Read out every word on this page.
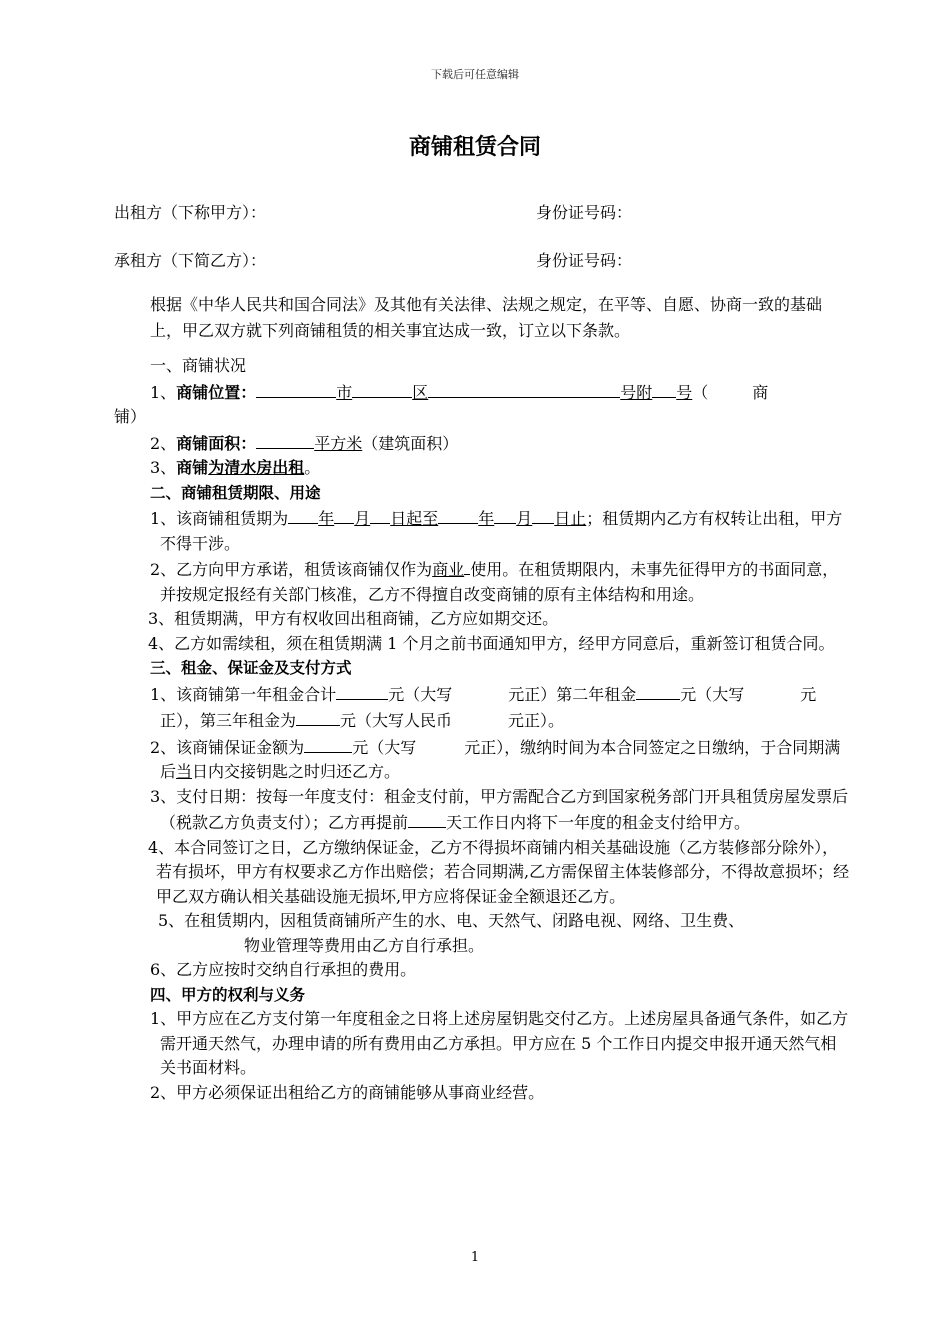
下载后可任意编辑
商铺租赁合同
出租方（下称甲方）：	身份证号码：
承租方（下简乙方）：	身份证号码：

根据《中华人民共和国合同法》及其他有关法律、法规之规定，在平等、自愿、协商一致的基础上，甲乙双方就下列商铺租赁的相关事宜达成一致，订立以下条款。

一、商铺状况

1、商铺位置：	市	区	号附 号（	商

铺）

2、商铺面积：	平方米（建筑面积）

3、商铺为清水房出租。

二、商铺租赁期限、用途

1、该商铺租赁期为 年 月 日起至	年 月 日止；租赁期内乙方有权转让出租，甲方不得干涉。

2、乙方向甲方承诺，租赁该商铺仅作为商业 使用。在租赁期限内，未事先征得甲方的书面同意，并按规定报经有关部门核准，乙方不得擅自改变商铺的原有主体结构和用途。

3、租赁期满，甲方有权收回出租商铺，乙方应如期交还。

4、乙方如需续租，须在租赁期满 1 个月之前书面通知甲方，经甲方同意后，重新签订租赁合同。

三、租金、保证金及支付方式

1、该商铺第一年租金合计	元（大写	元正）第二年租金	元（大写	元正），第三年租金为	元（大写人民币	元正）。

2、该商铺保证金额为	元（大写	元正），缴纳时间为本合同签定之日缴纳，于合同期满后当日内交接钥匙之时归还乙方。

3、支付日期：按每一年度支付：租金支付前，甲方需配合乙方到国家税务部门开具租赁房屋发票后（税款乙方负责支付）；乙方再提前 天工作日内将下一年度的租金支付给甲方。

4、本合同签订之日，乙方缴纳保证金，乙方不得损坏商铺内相关基础设施（乙方装修部分除外），若有损坏，甲方有权要求乙方作出赔偿；若合同期满,乙方需保留主体装修部分，不得故意损坏；经甲乙双方确认相关基础设施无损坏,甲方应将保证金全额退还乙方。

5、在租赁期内，因租赁商铺所产生的水、电、天然气、闭路电视、网络、卫生费、

物业管理等费用由乙方自行承担。

6、乙方应按时交纳自行承担的费用。

四、甲方的权利与义务

1、甲方应在乙方支付第一年度租金之日将上述房屋钥匙交付乙方。上述房屋具备通气条件，如乙方需开通天然气，办理申请的所有费用由乙方承担。甲方应在 5 个工作日内提交申报开通天然气相关书面材料。

2、甲方必须保证出租给乙方的商铺能够从事商业经营。

1
